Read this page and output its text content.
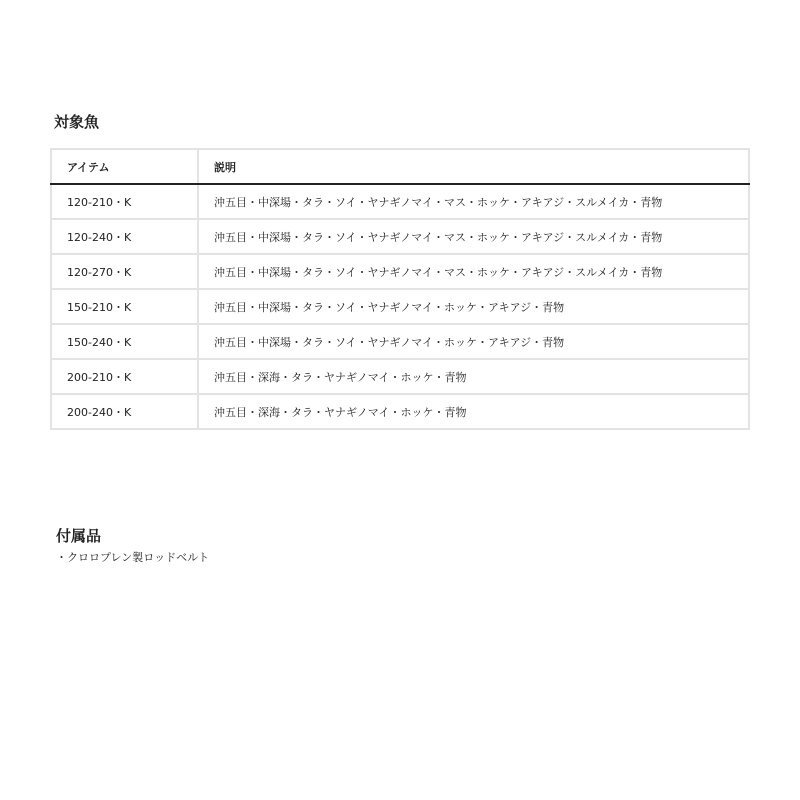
対象魚
アイテム	説明
120-210・K	沖五目・中深場・タラ・ソイ・ヤナギノマイ・マス・ホッケ・アキアジ・スルメイカ・青物
120-240・K	沖五目・中深場・タラ・ソイ・ヤナギノマイ・マス・ホッケ・アキアジ・スルメイカ・青物
120-270・K	沖五目・中深場・タラ・ソイ・ヤナギノマイ・マス・ホッケ・アキアジ・スルメイカ・青物
150-210・K	沖五目・中深場・タラ・ソイ・ヤナギノマイ・ホッケ・アキアジ・青物
150-240・K	沖五目・中深場・タラ・ソイ・ヤナギノマイ・ホッケ・アキアジ・青物
200-210・K	沖五目・深海・タラ・ヤナギノマイ・ホッケ・青物
200-240・K	沖五目・深海・タラ・ヤナギノマイ・ホッケ・青物
付属品
・クロロプレン製ロッドベルト
